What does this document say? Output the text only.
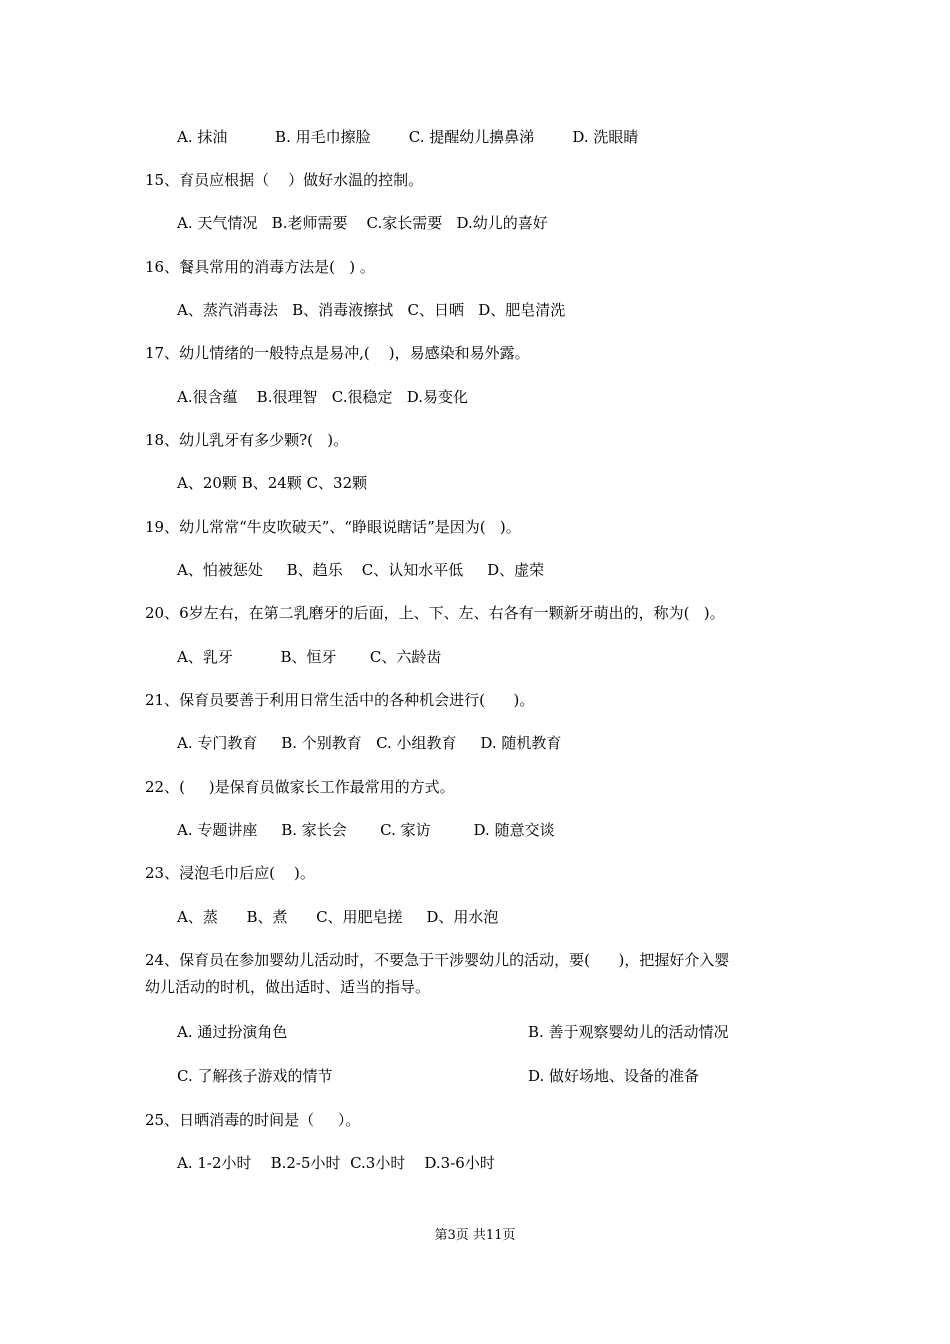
A. 抹油          B. 用毛巾擦脸        C. 提醒幼儿擤鼻涕        D. 洗眼睛

15、育员应根据（    ）做好水温的控制。

A. 天气情况   B.老师需要    C.家长需要   D.幼儿的喜好

16、餐具常用的消毒方法是(   ) 。

A、蒸汽消毒法   B、消毒液擦拭   C、日晒   D、肥皂清洗

17、幼儿情绪的一般特点是易冲,(    )，易感染和易外露。

A.很含蕴    B.很理智   C.很稳定   D.易变化

18、幼儿乳牙有多少颗?(   )。

A、20颗 B、24颗 C、32颗

19、幼儿常常“牛皮吹破天”、“睁眼说瞎话”是因为(   )。

A、怕被惩处     B、趋乐    C、认知水平低     D、虚荣

20、6岁左右，在第二乳磨牙的后面，上、下、左、右各有一颗新牙萌出的，称为(   )。

A、乳牙          B、恒牙       C、六龄齿

21、保育员要善于利用日常生活中的各种机会进行(      )。

A. 专门教育     B. 个别教育   C. 小组教育     D. 随机教育

22、(     )是保育员做家长工作最常用的方式。

A. 专题讲座     B. 家长会       C. 家访         D. 随意交谈

23、浸泡毛巾后应(    )。

A、蒸      B、煮      C、用肥皂搓     D、用水泡

24、保育员在参加婴幼儿活动时，不要急于干涉婴幼儿的活动，要(      )，把握好介入婴

幼儿活动的时机，做出适时、适当的指导。

A. 通过扮演角色	B. 善于观察婴幼儿的活动情况

C. 了解孩子游戏的情节	D. 做好场地、设备的准备

25、日晒消毒的时间是（     ）。

A. 1-2小时    B.2-5小时  C.3小时    D.3-6小时

第3页 共11页
